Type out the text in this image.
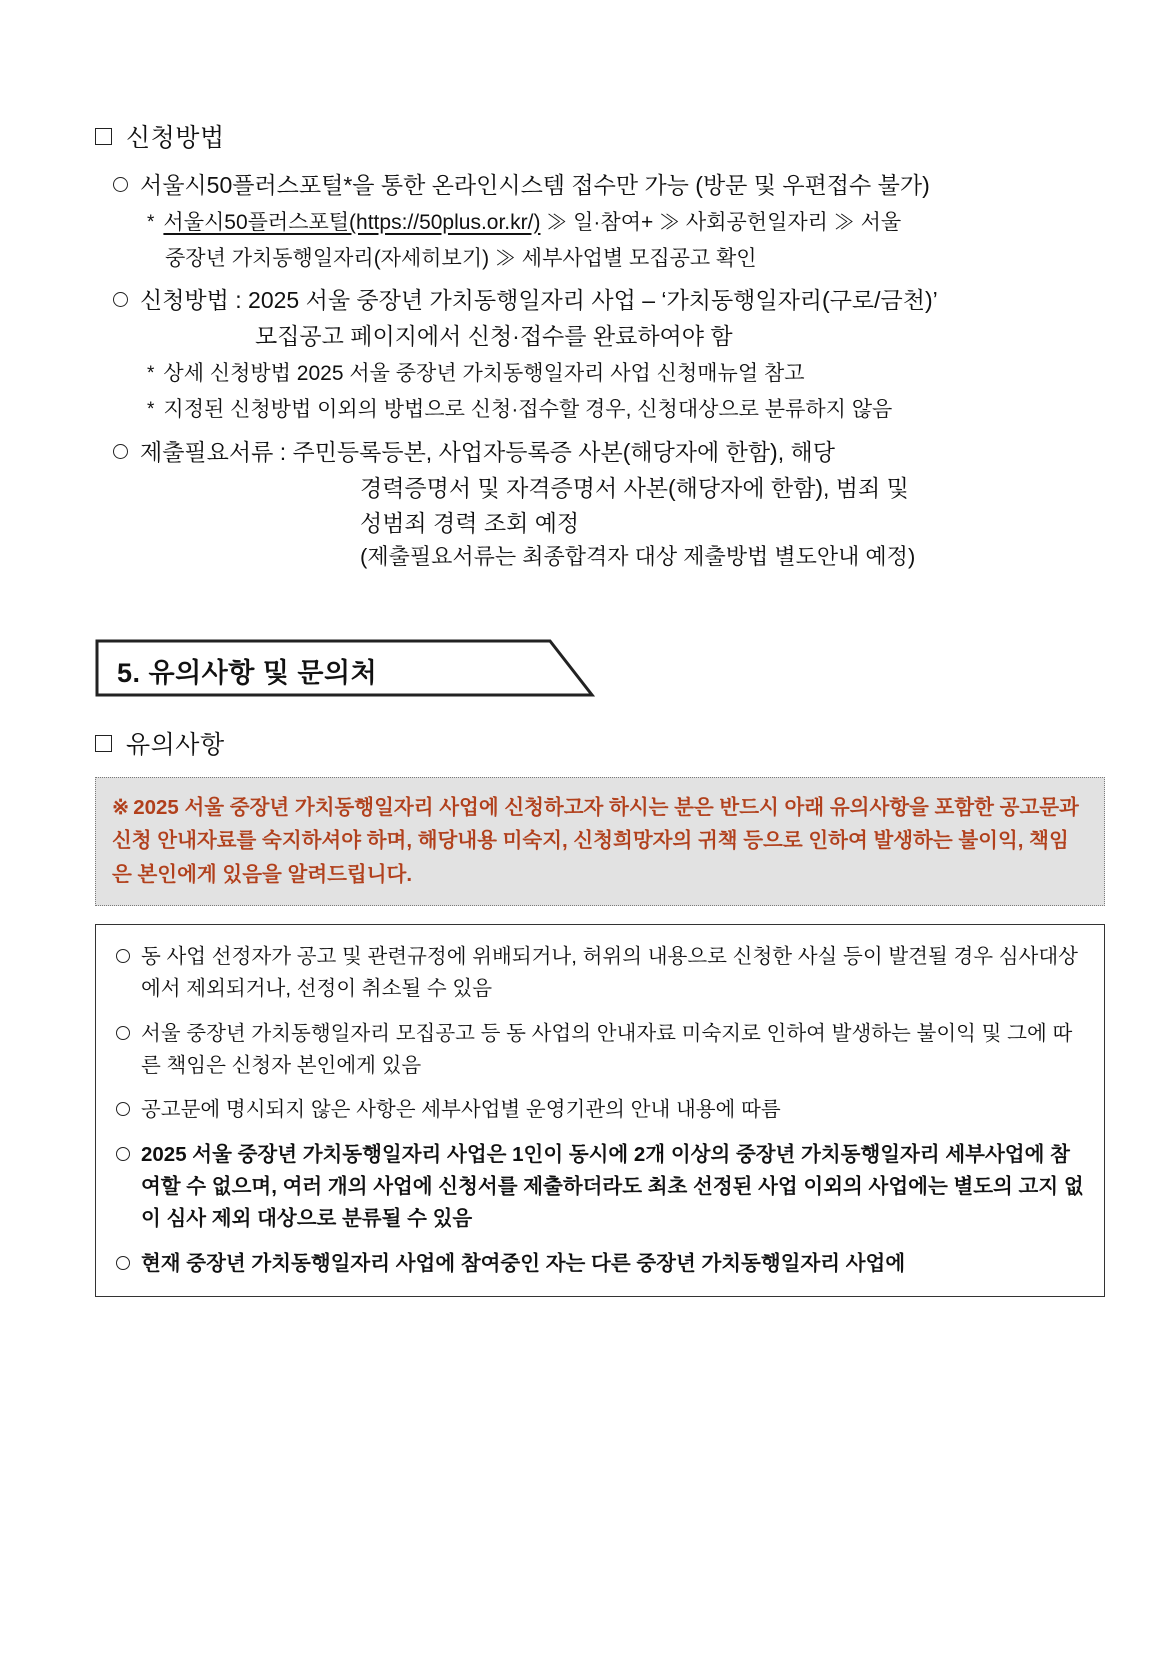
신청방법
서울시50플러스포털*을 통한 온라인시스템 접수만 가능 (방문 및 우편접수 불가)
* 서울시50플러스포털(https://50plus.or.kr/) ≫ 일·참여+ ≫ 사회공헌일자리 ≫ 서울
중장년 가치동행일자리(자세히보기) ≫ 세부사업별 모집공고 확인
신청방법 : 2025 서울 중장년 가치동행일자리 사업 – ‘가치동행일자리(구로/금천)’
모집공고 페이지에서 신청·접수를 완료하여야 함
* 상세 신청방법 2025 서울 중장년 가치동행일자리 사업 신청매뉴얼 참고
* 지정된 신청방법 이외의 방법으로 신청·접수할 경우, 신청대상으로 분류하지 않음
제출필요서류 : 주민등록등본, 사업자등록증 사본(해당자에 한함), 해당
경력증명서 및 자격증명서 사본(해당자에 한함), 범죄 및
성범죄 경력 조회 예정
(제출필요서류는 최종합격자 대상 제출방법 별도안내 예정)
5. 유의사항 및 문의처
유의사항
※ 2025 서울 중장년 가치동행일자리 사업에 신청하고자 하시는 분은 반드시 아래 유의사항을 포함한 공고문과 신청 안내자료를 숙지하셔야 하며, 해당내용 미숙지, 신청희망자의 귀책 등으로 인하여 발생하는 불이익, 책임은 본인에게 있음을 알려드립니다.
동 사업 선정자가 공고 및 관련규정에 위배되거나, 허위의 내용으로 신청한 사실 등이 발견될 경우 심사대상에서 제외되거나, 선정이 취소될 수 있음
서울 중장년 가치동행일자리 모집공고 등 동 사업의 안내자료 미숙지로 인하여 발생하는 불이익 및 그에 따른 책임은 신청자 본인에게 있음
공고문에 명시되지 않은 사항은 세부사업별 운영기관의 안내 내용에 따름
2025 서울 중장년 가치동행일자리 사업은 1인이 동시에 2개 이상의 중장년 가치동행일자리 세부사업에 참여할 수 없으며, 여러 개의 사업에 신청서를 제출하더라도 최초 선정된 사업 이외의 사업에는 별도의 고지 없이 심사 제외 대상으로 분류될 수 있음
현재 중장년 가치동행일자리 사업에 참여중인 자는 다른 중장년 가치동행일자리 사업에
